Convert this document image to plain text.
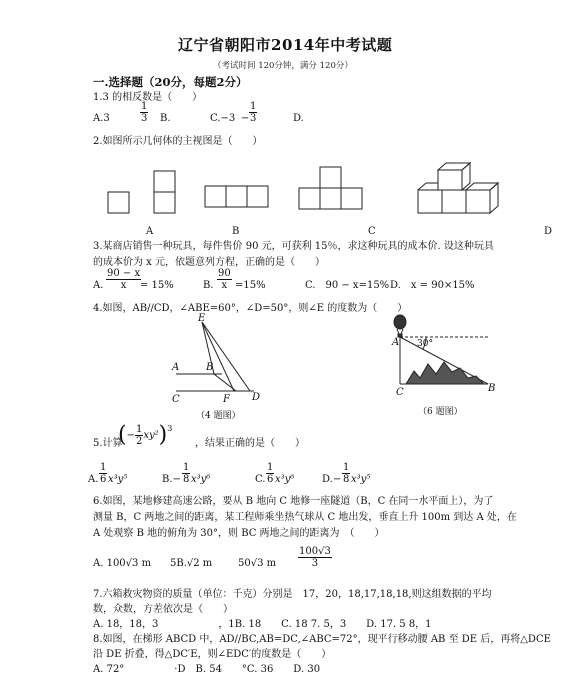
辽宁省朝阳市2014年中考试题
（考试时间 120分钟，满分 120分）
一.选择题（20分，每题2分）
1.3 的相反数是（　　）
A.3	$\frac{1}{3} B$.	$C.-3 - \frac{1}{3}$	D.
2.如图所示几何体的主视图是（　　）
A	B	C	D
3.某商店销售一种玩具，每件售价 90 元，可获利 15％，求这种玩具的成本价. 设这种玩具
的成本价为 x 元，依题意列方程，正确的是（　　）
A. $\frac{90 - x}{x}$
= 15%	B. $\frac{90}{x} =15\%$	C.　90 − x=15% D.　x = 90×15%
4.如图，AB//CD，∠ABE=60°，∠D=50°，则∠E 的度数为（　　）
E
A	B
C	F D
（4 题图）
A 30°
C	B
（6 题图）
5.计算
(− $\frac{1}{2} xy^2)^3$
，结果正确的是（　　）
A. $\frac{1}{6} x^3y^5$	$B.- \frac{1}{8} x^3y^6$	C. $\frac{1}{6} x^3y^6$	$D.- \frac{1}{8} x^3y^5$
6.如图，某地修建高速公路，要从 B 地向 C 地修一座隧道（B，C 在同一水平面上），为了
测量 B，C 两地之间的距离，某工程师乘坐热气球从 C 地出发，垂直上升 100m 到达 A 处，在
A 处观察 B 地的俯角为 30°，则 BC 两地之间的距离为　（　　）
A. 100√3 m 5B.√2 m	50√3 m $\frac{100√3}{3}$
7.六箱救灾物资的质量（单位：千克）分别是　17，20，18,17,18,18,则这组数据的平均
数，众数，方差依次是（　　）
A. 18，18，3　　　　　　，1B. 18　　C. 18 7. 5，3　　D. 17. 5 8，1
8.如图，在梯形 ABCD 中，AD//BC,AB=DC,∠ABC=72°，现平行移动腰 AB 至 DE 后，再将△DCE
沿 DE 折叠，得△DC′E，则∠EDC′的度数是（　　）
A. 72°　　　　　·D　B. 54　　°C. 36　　D. 30
